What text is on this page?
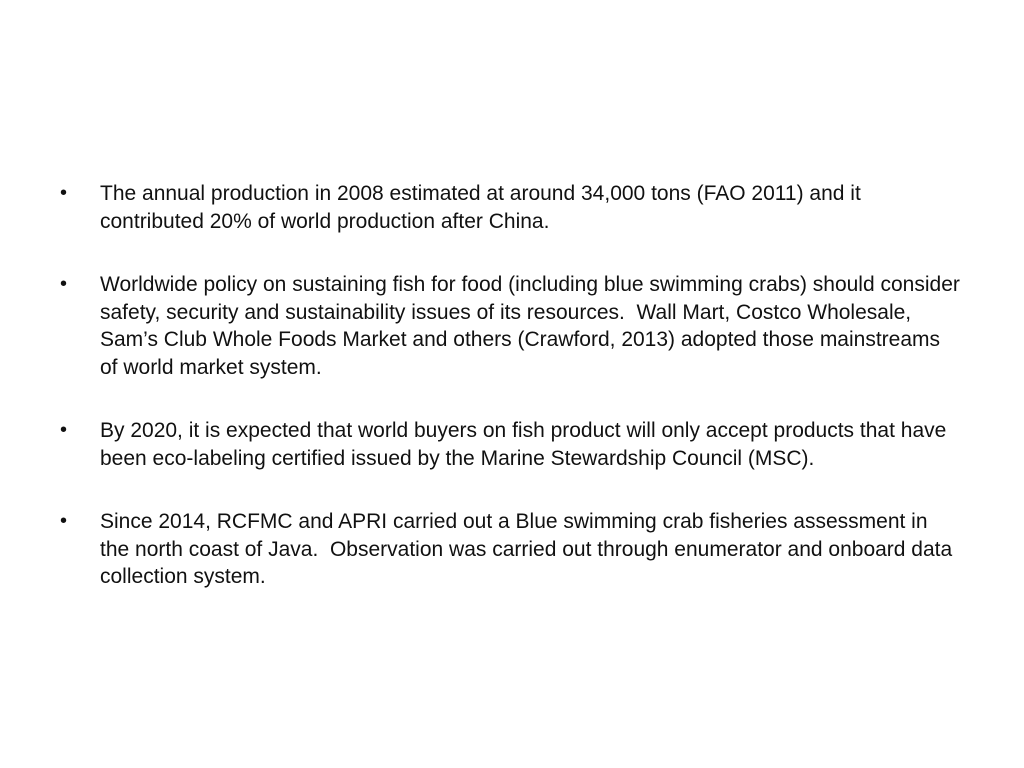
•	The annual production in 2008 estimated at around 34,000 tons (FAO 2011) and it contributed 20% of world production after China.
•	Worldwide policy on sustaining fish for food (including blue swimming crabs) should consider safety, security and sustainability issues of its resources.  Wall Mart, Costco Wholesale, Sam’s Club Whole Foods Market and others (Crawford, 2013) adopted those mainstreams of world market system.
•	By 2020, it is expected that world buyers on fish product will only accept products that have been eco-labeling certified issued by the Marine Stewardship Council (MSC).
•	Since 2014, RCFMC and APRI carried out a Blue swimming crab fisheries assessment in the north coast of Java.  Observation was carried out through enumerator and onboard data collection system.
